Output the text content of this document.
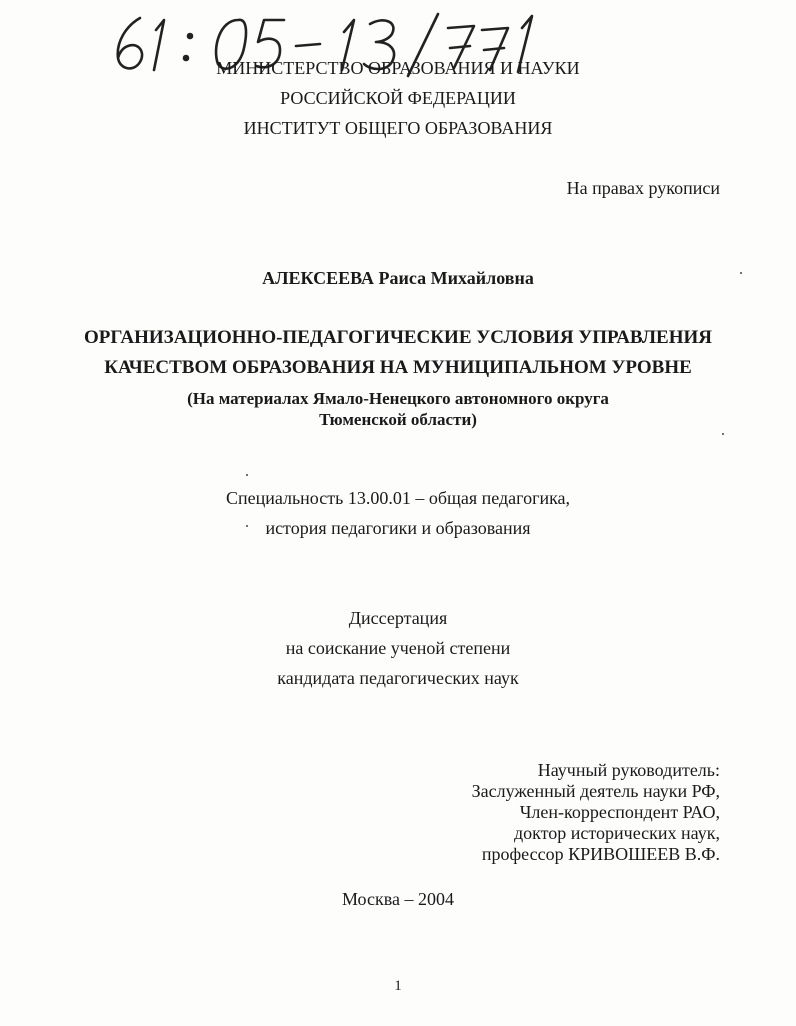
МИНИСТЕРСТВО ОБРАЗОВАНИЯ И НАУКИ
РОССИЙСКОЙ ФЕДЕРАЦИИ
ИНСТИТУТ ОБЩЕГО ОБРАЗОВАНИЯ
На правах рукописи
АЛЕКСЕЕВА Раиса Михайловна
ОРГАНИЗАЦИОННО-ПЕДАГОГИЧЕСКИЕ УСЛОВИЯ УПРАВЛЕНИЯ
КАЧЕСТВОМ ОБРАЗОВАНИЯ НА МУНИЦИПАЛЬНОМ УРОВНЕ
(На материалах Ямало-Ненецкого автономного округа
Тюменской области)
Специальность 13.00.01 – общая педагогика,
история педагогики и образования
Диссертация
на соискание ученой степени
кандидата педагогических наук
Научный руководитель:
Заслуженный деятель науки РФ,
Член-корреспондент РАО,
доктор исторических наук,
профессор КРИВОШЕЕВ В.Ф.
Москва – 2004
1
